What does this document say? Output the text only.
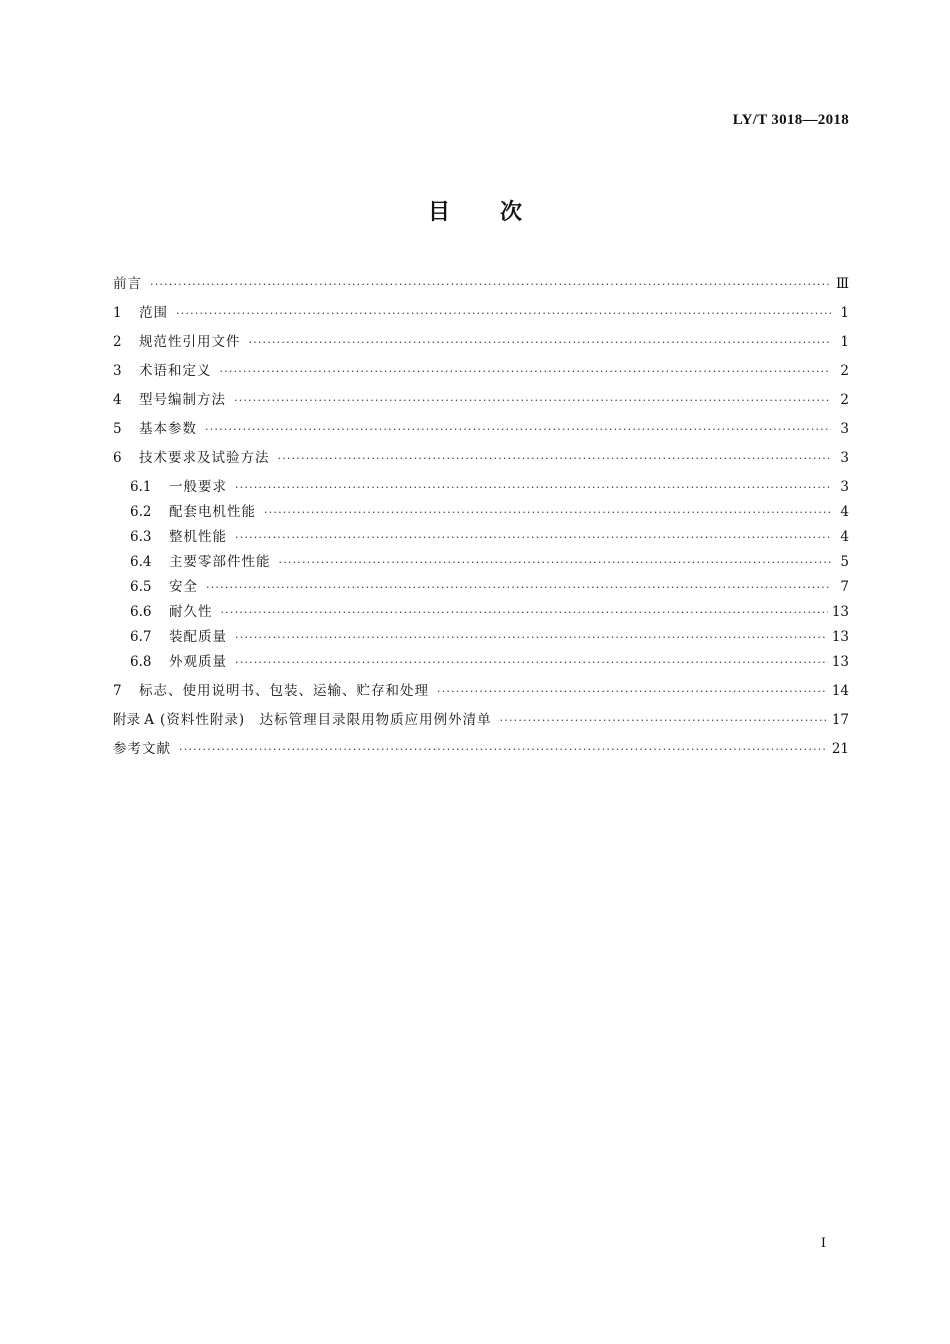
LY/T 3018—2018
目次
前言 ·····	Ⅲ
1	范围 ·····	1
2	规范性引用文件 ·····	1
3	术语和定义 ·····	2
4	型号编制方法 ·····	2
5	基本参数 ·····	3
6	技术要求及试验方法 ·····	3
6.1	一般要求 ·····	3
6.2	配套电机性能 ·····	4
6.3	整机性能 ·····	4
6.4	主要零部件性能 ·····	5
6.5	安全 ·····	7
6.6	耐久性 ·····	13
6.7	装配质量 ·····	13
6.8	外观质量 ·····	13
7	标志、使用说明书、包装、运输、贮存和处理 ·····	14
附录 A (资料性附录)　达标管理目录限用物质应用例外清单 ·····	17
参考文献 ·····	21
Ⅰ
